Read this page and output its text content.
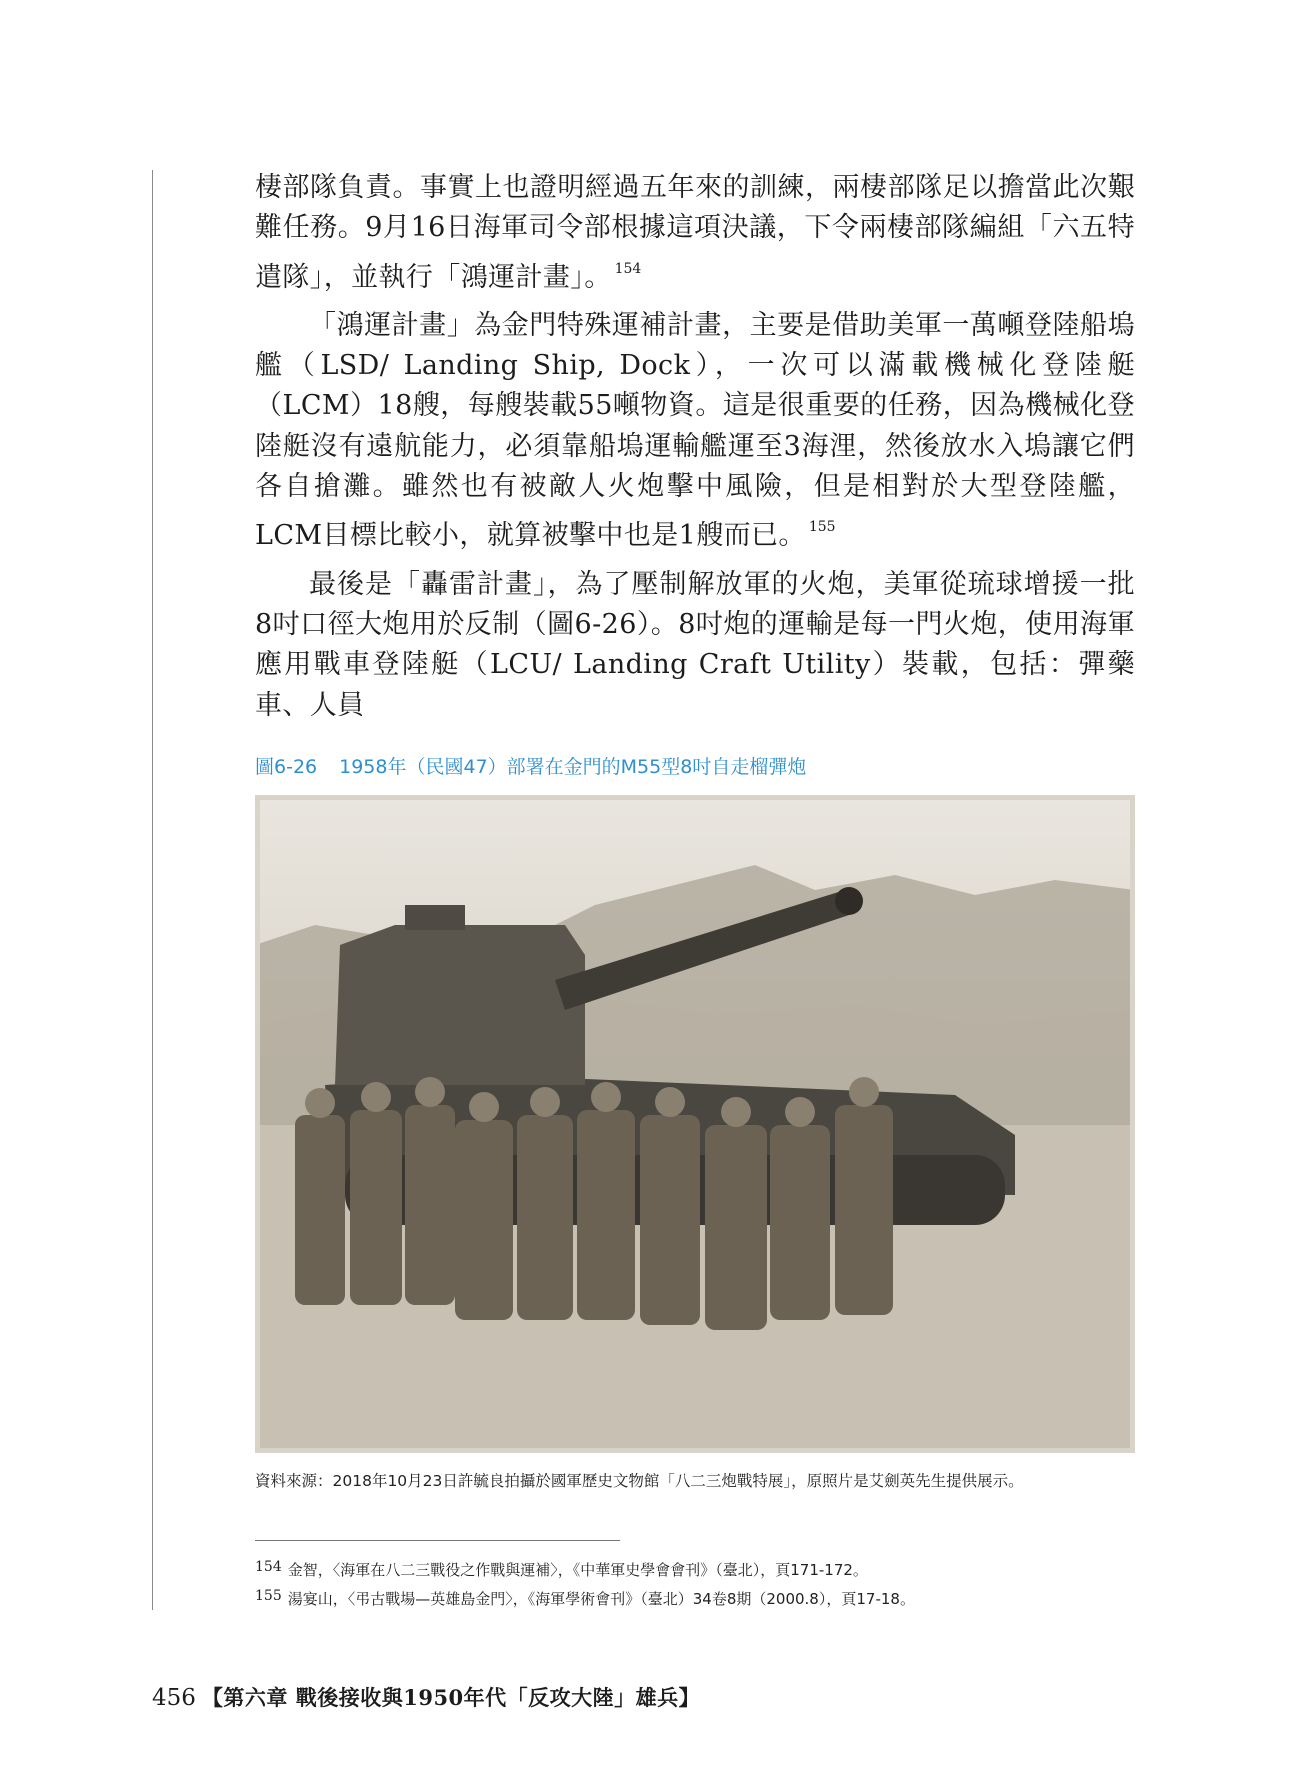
棲部隊負責。事實上也證明經過五年來的訓練，兩棲部隊足以擔當此次艱難任務。9月16日海軍司令部根據這項決議，下令兩棲部隊編組「六五特遣隊」，並執行「鴻運計畫」。 $^{154}$

「鴻運計畫」為金門特殊運補計畫，主要是借助美軍一萬噸登陸船塢艦（LSD/ Landing Ship, Dock），一次可以滿載機械化登陸艇（LCM）18艘，每艘裝載55噸物資。這是很重要的任務，因為機械化登陸艇沒有遠航能力，必須靠船塢運輸艦運至3海浬，然後放水入塢讓它們各自搶灘。雖然也有被敵人火炮擊中風險，但是相對於大型登陸艦，LCM目標比較小，就算被擊中也是1艘而已。 $^{155}$

最後是「轟雷計畫」，為了壓制解放軍的火炮，美軍從琉球增援一批8吋口徑大炮用於反制（圖6-26）。8吋炮的運輸是每一門火炮，使用海軍應用戰車登陸艇（LCU/ Landing Craft Utility）裝載，包括：彈藥車、人員

圖6-26 1958年（民國47）部署在金門的M55型8吋自走榴彈炮
資料來源：2018年10月23日許毓良拍攝於國軍歷史文物館「八二三炮戰特展」，原照片是艾劍英先生提供展示。
154 金智，〈海軍在八二三戰役之作戰與運補〉，《中華軍史學會會刊》（臺北），頁171-172。
155 湯宴山，〈弔古戰場—英雄島金門〉，《海軍學術會刊》（臺北）34卷8期（2000.8），頁17-18。
456 【第六章 戰後接收與1950年代「反攻大陸」雄兵】
